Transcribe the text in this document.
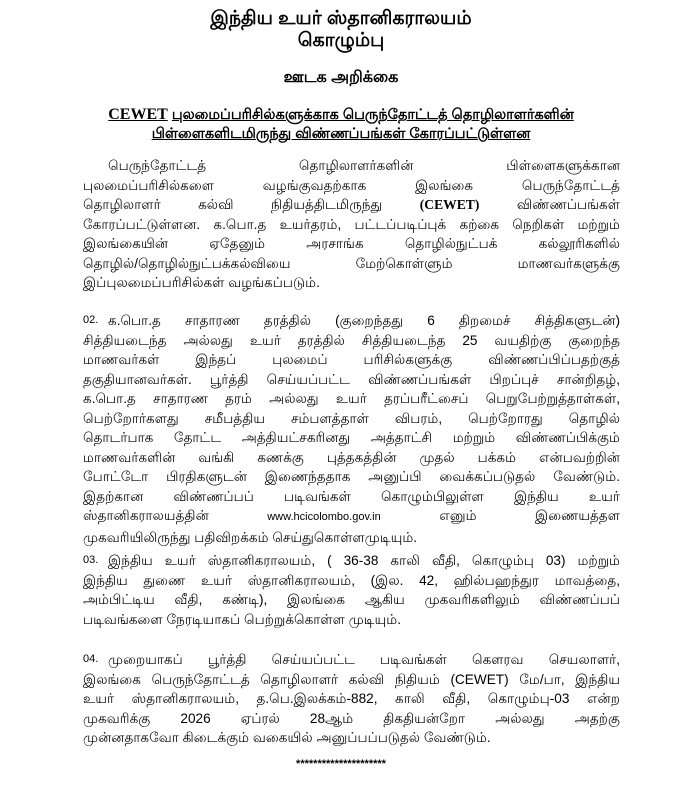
இந்திய உயர் ஸ்தானிகராலயம்
கொழும்பு
ஊடக அறிக்கை
CEWET புலமைப்பரிசில்களுக்காக பெருந்தோட்டத் தொழிலாளர்களின்
பிள்ளைகளிடமிருந்து விண்ணப்பங்கள் கோரப்பட்டுள்ளன
பெருந்தோட்டத் தொழிலாளர்களின் பிள்ளைகளுக்கான
புலமைப்பரிசில்களை வழங்குவதற்காக இலங்கை பெருந்தோட்டத்
தொழிலாளர் கல்வி நிதியத்திடமிருந்து	(CEWET)	விண்ணப்பங்கள்
கோரப்பட்டுள்ளன. க.பொ.த உயர்தரம், பட்டப்படிப்புக் கற்கை நெறிகள் மற்றும்
இலங்கையின் ஏதேனும் அரசாங்க தொழில்நுட்பக் கல்லூரிகளில்
தொழில்/தொழில்நுட்பக்கல்வியை மேற்கொள்ளும் மாணவர்களுக்கு
இப்புலமைப்பரிசில்கள் வழங்கப்படும்.
02. க.பொ.த சாதாரண தரத்தில் (குறைந்தது 6 திறமைச் சித்திகளுடன்)
சித்தியடைந்த அல்லது உயர் தரத்தில் சித்தியடைந்த 25 வயதிற்கு குறைந்த
மாணவர்கள் இந்தப் புலமைப் பரிசில்களுக்கு விண்ணப்பிப்பதற்குத்
தகுதியானவர்கள். பூர்த்தி செய்யப்பட்ட விண்ணப்பங்கள் பிறப்புச் சான்றிதழ்,
க.பொ.த சாதாரண தரம் அல்லது உயர் தரப்பரீட்சைப் பெறுபேற்றுத்தாள்கள்,
பெற்றோர்களது சமீபத்திய சம்பளத்தாள் விபரம், பெற்றோரது தொழில்
தொடர்பாக தோட்ட அத்தியட்சகரினது அத்தாட்சி மற்றும் விண்ணப்பிக்கும்
மாணவர்களின் வங்கி கணக்கு புத்தகத்தின் முதல் பக்கம் என்பவற்றின்
போட்டோ பிரதிகளுடன் இணைந்ததாக அனுப்பி வைக்கப்படுதல் வேண்டும்.
இதற்கான விண்ணப்பப் படிவங்கள் கொழும்பிலுள்ள இந்திய உயர்
ஸ்தானிகராலயத்தின்	www.hcicolombo.gov.in	எனும் இணையத்தள
முகவரியிலிருந்து பதிவிறக்கம் செய்துகொள்ளமுடியும்.
03. இந்திய உயர் ஸ்தானிகராலயம், ( 36-38 காலி வீதி, கொழும்பு 03) மற்றும்
இந்திய துணை உயர் ஸ்தானிகராலயம், (இல. 42, ஹில்பஹந்துர மாவத்தை,
அம்பிட்டிய வீதி, கண்டி), இலங்கை ஆகிய முகவரிகளிலும் விண்ணப்பப்
படிவங்களை நேரடியாகப் பெற்றுக்கொள்ள முடியும்.
04. முறையாகப் பூர்த்தி செய்யப்பட்ட படிவங்கள் கௌரவ செயலாளர்,
இலங்கை பெருந்தோட்டத் தொழிலாளர் கல்வி நிதியம் (CEWET) மே/பா, இந்திய
உயர் ஸ்தானிகராலயம், த.பெ.இலக்கம்-882, காலி வீதி, கொழும்பு-03 என்ற
முகவரிக்கு 2026 ஏப்ரல் 28ஆம் திகதியன்றோ அல்லது அதற்கு
முன்னதாகவோ கிடைக்கும் வகையில் அனுப்பப்படுதல் வேண்டும்.
*********************
